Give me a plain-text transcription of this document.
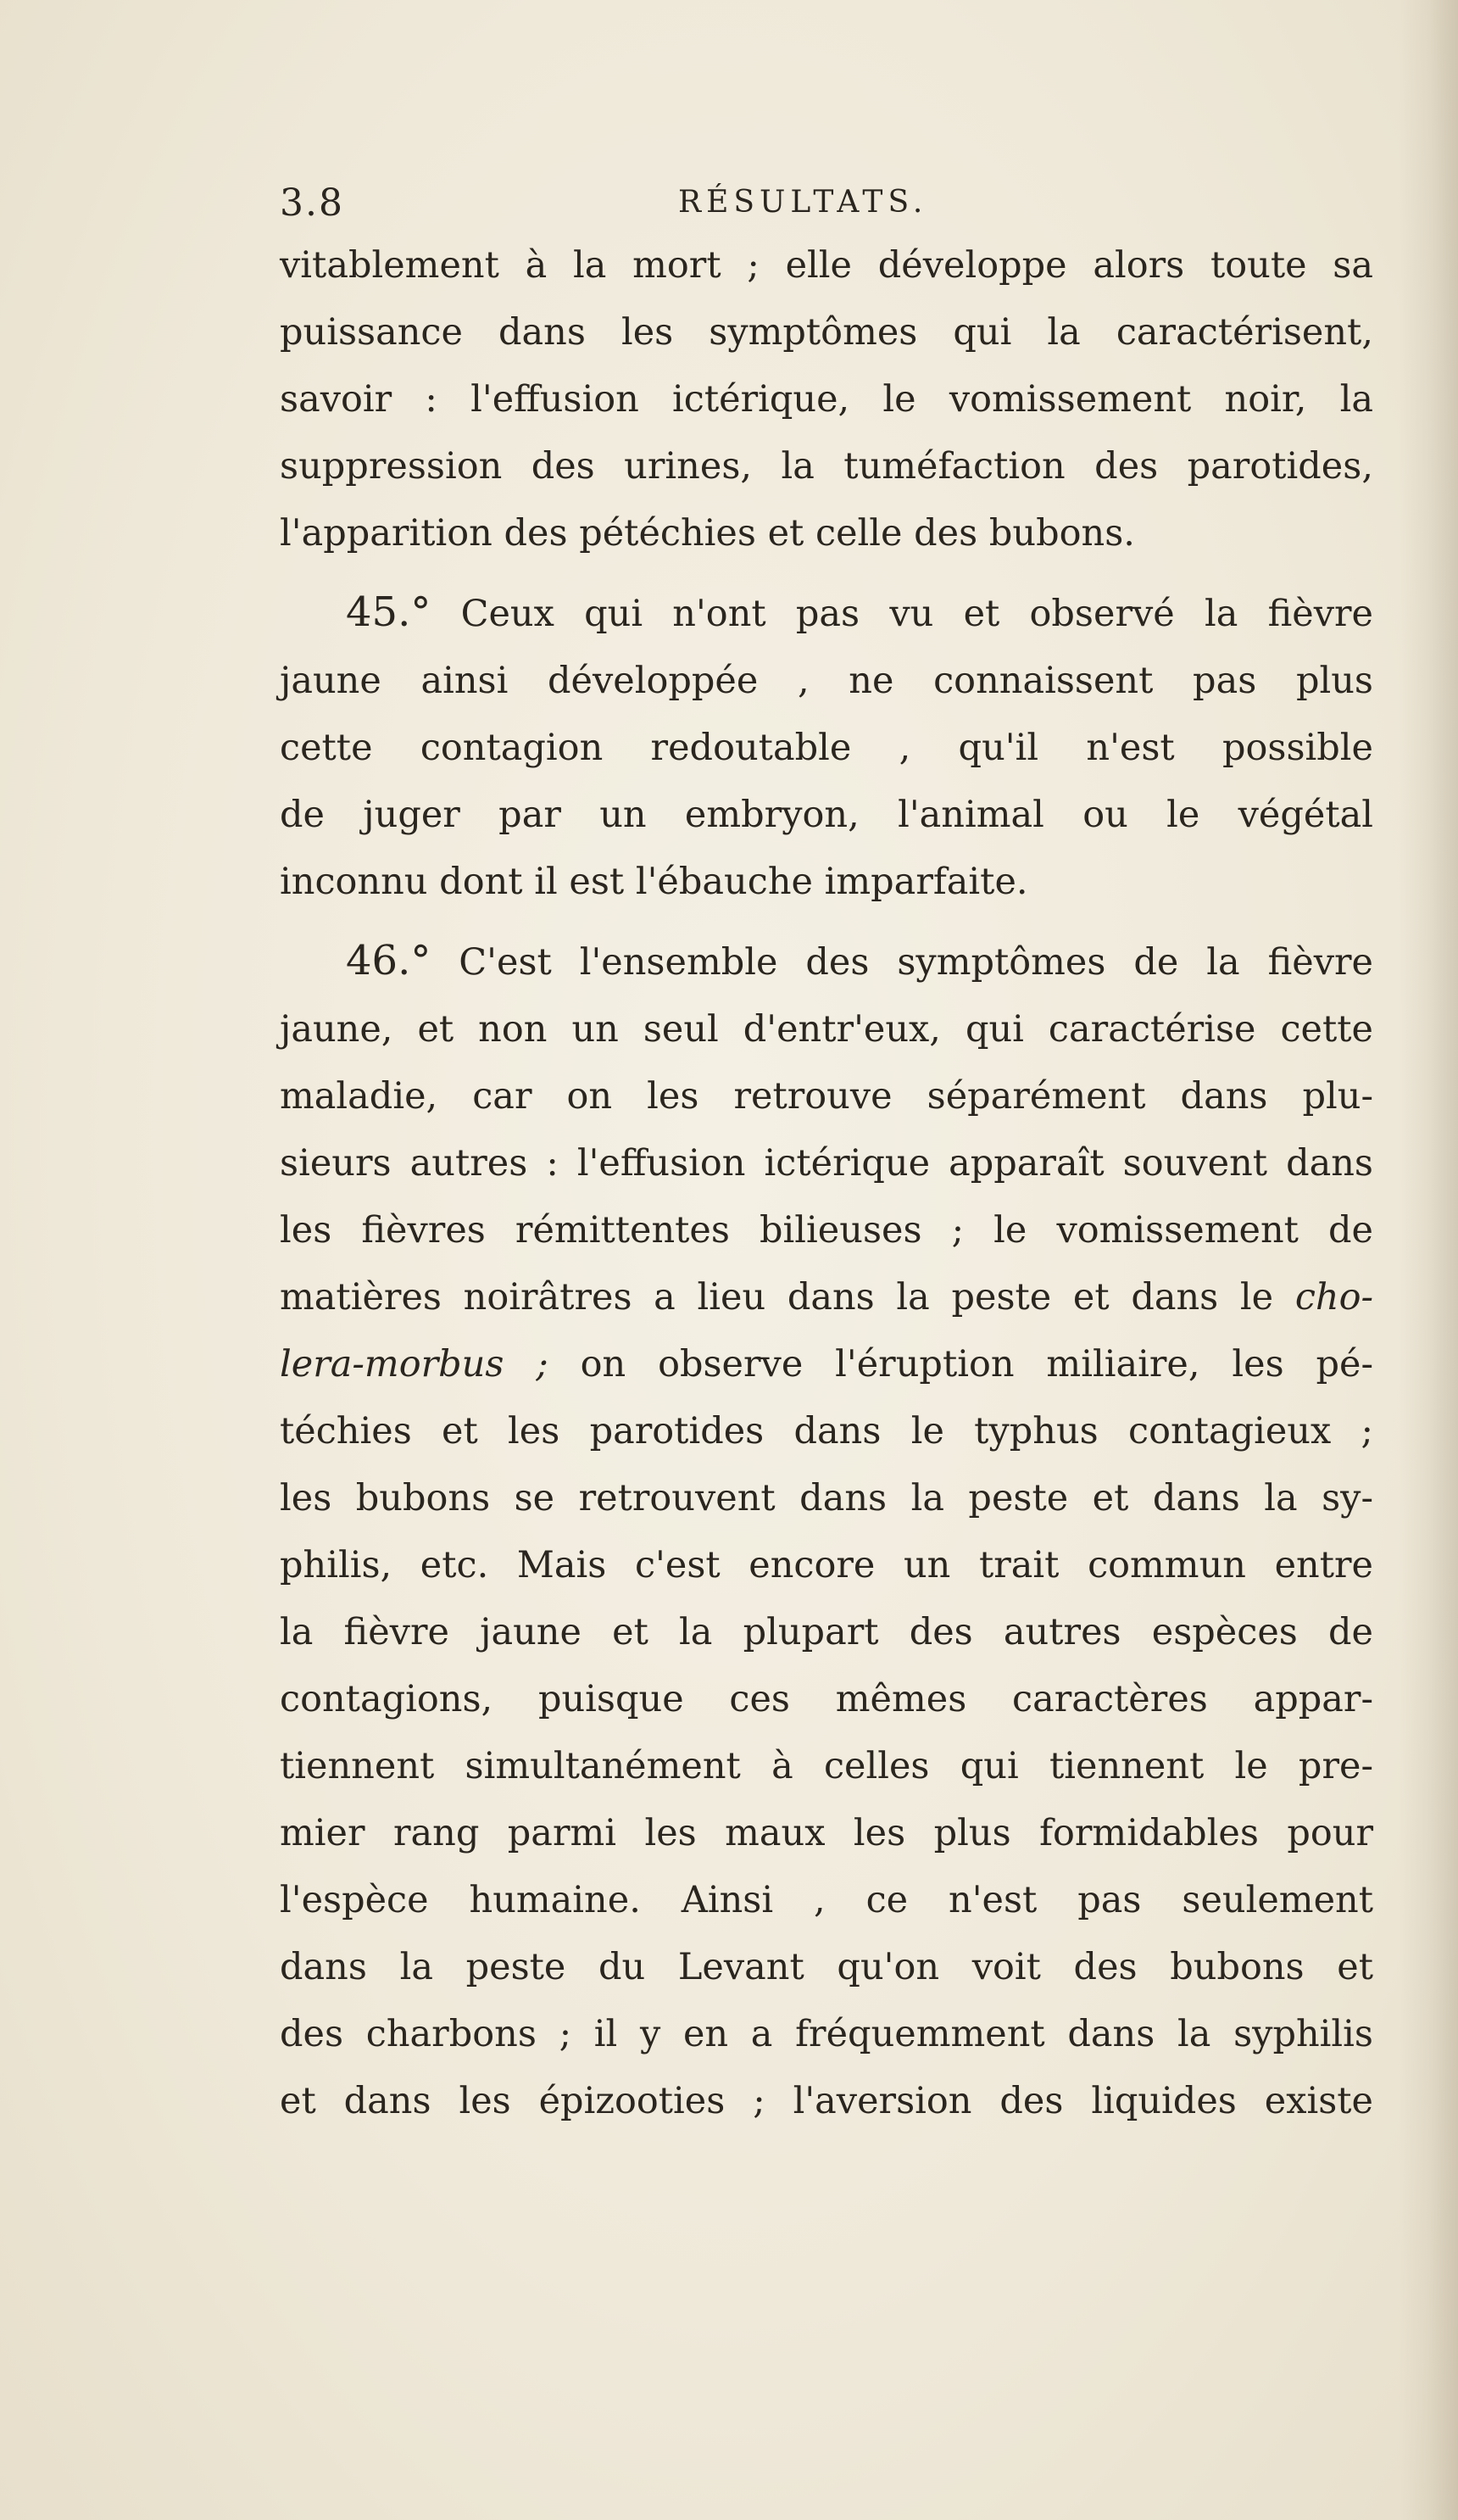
3.8	RÉSULTATS.
vitablement à la mort ; elle développe alors toute sa
puissance dans les symptômes qui la caractérisent,
savoir : l'effusion ictérique, le vomissement noir, la
suppression des urines, la tuméfaction des parotides,
l'apparition des pétéchies et celle des bubons.
45.° Ceux qui n'ont pas vu et observé la fièvre
jaune ainsi développée , ne connaissent pas plus
cette contagion redoutable , qu'il n'est possible
de juger par un embryon, l'animal ou le végétal
inconnu dont il est l'ébauche imparfaite.
46.° C'est l'ensemble des symptômes de la fièvre
jaune, et non un seul d'entr'eux, qui caractérise cette
maladie, car on les retrouve séparément dans plu-
sieurs autres : l'effusion ictérique apparaît souvent dans
les fièvres rémittentes bilieuses ; le vomissement de
matières noirâtres a lieu dans la peste et dans le cho-
lera-morbus ; on observe l'éruption miliaire, les pé-
téchies et les parotides dans le typhus contagieux ;
les bubons se retrouvent dans la peste et dans la sy-
philis, etc. Mais c'est encore un trait commun entre
la fièvre jaune et la plupart des autres espèces de
contagions, puisque ces mêmes caractères appar-
tiennent simultanément à celles qui tiennent le pre-
mier rang parmi les maux les plus formidables pour
l'espèce humaine. Ainsi , ce n'est pas seulement
dans la peste du Levant qu'on voit des bubons et
des charbons ; il y en a fréquemment dans la syphilis
et dans les épizooties ; l'aversion des liquides existe
